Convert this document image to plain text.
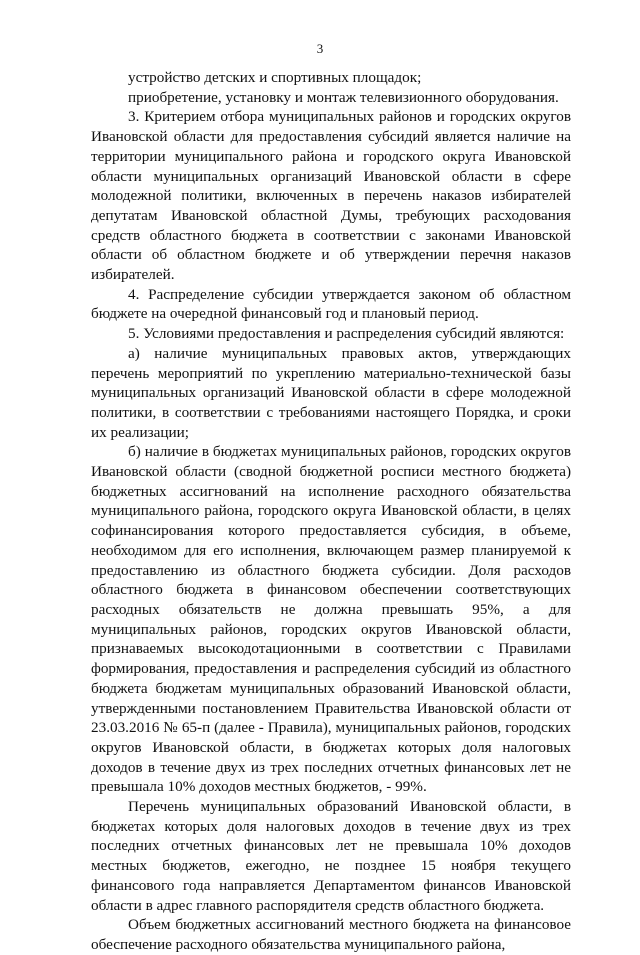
3

устройство детских и спортивных площадок;

приобретение, установку и монтаж телевизионного оборудования.

3. Критерием отбора муниципальных районов и городских округов Ивановской области для предоставления субсидий является наличие на территории муниципального района и городского округа Ивановской области муниципальных организаций Ивановской области в сфере молодежной политики, включенных в перечень наказов избирателей депутатам Ивановской областной Думы, требующих расходования средств областного бюджета в соответствии с законами Ивановской области об областном бюджете и об утверждении перечня наказов избирателей.

4. Распределение субсидии утверждается законом об областном бюджете на очередной финансовый год и плановый период.

5. Условиями предоставления и распределения субсидий являются:

а) наличие муниципальных правовых актов, утверждающих перечень мероприятий по укреплению материально-технической базы муниципальных организаций Ивановской области в сфере молодежной политики, в соответствии с требованиями настоящего Порядка, и сроки их реализации;

б) наличие в бюджетах муниципальных районов, городских округов Ивановской области (сводной бюджетной росписи местного бюджета) бюджетных ассигнований на исполнение расходного обязательства муниципального района, городского округа Ивановской области, в целях софинансирования которого предоставляется субсидия, в объеме, необходимом для его исполнения, включающем размер планируемой к предоставлению из областного бюджета субсидии. Доля расходов областного бюджета в финансовом обеспечении соответствующих расходных обязательств не должна превышать 95%, а для муниципальных районов, городских округов Ивановской области, признаваемых высокодотационными в соответствии с Правилами формирования, предоставления и распределения субсидий из областного бюджета бюджетам муниципальных образований Ивановской области, утвержденными постановлением Правительства Ивановской области от 23.03.2016 № 65-п (далее - Правила), муниципальных районов, городских округов Ивановской области, в бюджетах которых доля налоговых доходов в течение двух из трех последних отчетных финансовых лет не превышала 10% доходов местных бюджетов, - 99%.

Перечень муниципальных образований Ивановской области, в бюджетах которых доля налоговых доходов в течение двух из трех последних отчетных финансовых лет не превышала 10% доходов местных бюджетов, ежегодно, не позднее 15 ноября текущего финансового года направляется Департаментом финансов Ивановской области в адрес главного распорядителя средств областного бюджета.

Объем бюджетных ассигнований местного бюджета на финансовое обеспечение расходного обязательства муниципального района,
